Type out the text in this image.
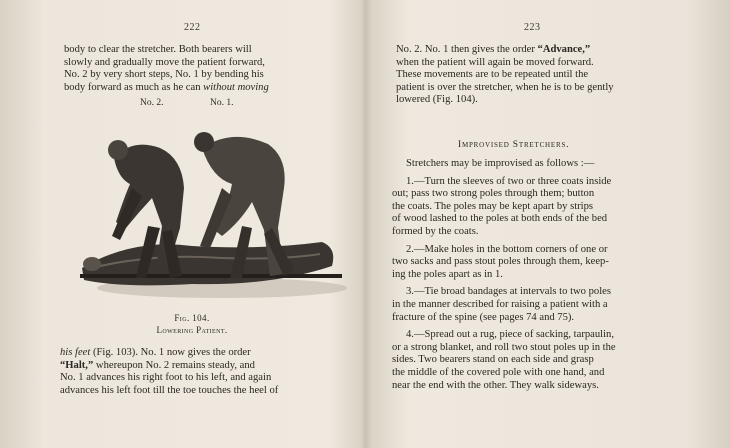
222
body to clear the stretcher. Both bearers will
slowly and gradually move the patient forward,
No. 2 by very short steps, No. 1 by bending his
body forward as much as he can without moving
No. 2.	No. 1.
Fig. 104.
Lowering Patient.
his feet (Fig. 103). No. 1 now gives the order
“Halt,” whereupon No. 2 remains steady, and
No. 1 advances his right foot to his left, and again
advances his left foot till the toe touches the heel of
223
No. 2. No. 1 then gives the order “Advance,”
when the patient will again be moved forward.
These movements are to be repeated until the
patient is over the stretcher, when he is to be gently
lowered (Fig. 104).
Improvised Stretchers.
Stretchers may be improvised as follows :—
1.—Turn the sleeves of two or three coats inside
out; pass two strong poles through them; button
the coats. The poles may be kept apart by strips
of wood lashed to the poles at both ends of the bed
formed by the coats.
2.—Make holes in the bottom corners of one or
two sacks and pass stout poles through them, keep-
ing the poles apart as in 1.
3.—Tie broad bandages at intervals to two poles
in the manner described for raising a patient with a
fracture of the spine (see pages 74 and 75).
4.—Spread out a rug, piece of sacking, tarpaulin,
or a strong blanket, and roll two stout poles up in the
sides. Two bearers stand on each side and grasp
the middle of the covered pole with one hand, and
near the end with the other. They walk sideways.
